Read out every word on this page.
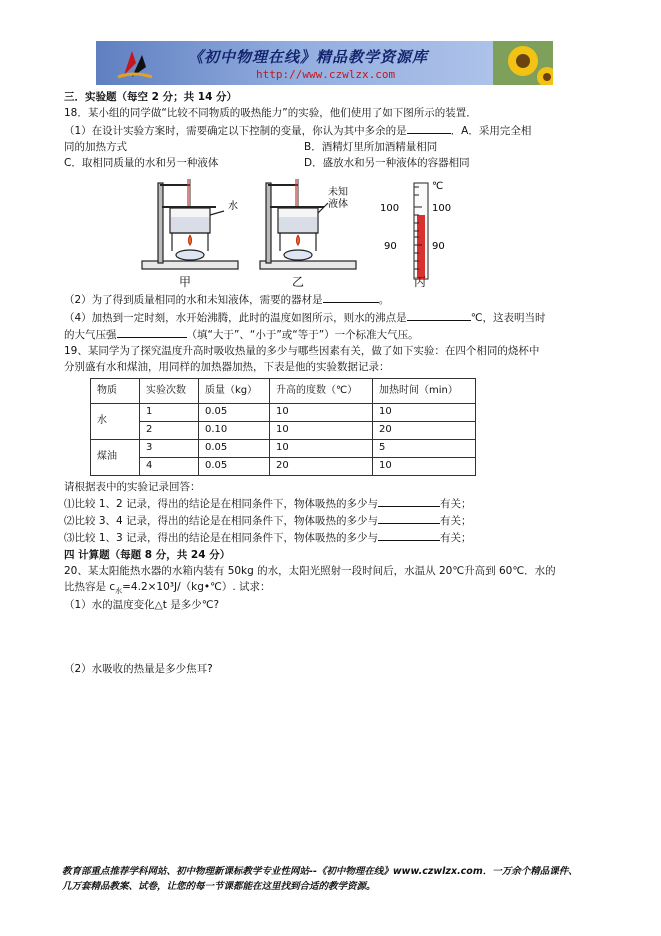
《初中物理在线》精品教学资源库
http://www.czwlzx.com
三．实验题（每空 2 分；共 14 分）
18．某小组的同学做“比较不同物质的吸热能力”的实验，他们使用了如下图所示的装置．
（1）在设计实验方案时，需要确定以下控制的变量，你认为其中多余的是	．A．采用完全相
同的加热方式	B．酒精灯里所加酒精量相同
C．取相同质量的水和另一种液体	D．盛放水和另一种液体的容器相同
水
未知
液体
℃
100	100
90	90
甲	乙	丙
（2）为了得到质量相同的水和未知液体，需要的器材是	。
（4）加热到一定时刻，水开始沸腾，此时的温度如图所示，则水的沸点是	℃，这表明当时
的大气压强	（填“大于”、“小于”或“等于”）一个标准大气压。
19、某同学为了探究温度升高时吸收热量的多少与哪些因素有关，做了如下实验：在四个相同的烧杯中
分别盛有水和煤油，用同样的加热器加热，下表是他的实验数据记录：
物质	实验次数	质量（kg）	升高的度数（℃）	加热时间（min）
水	1	0.05	10	10
	2	0.10	10	20
煤油	3	0.05	10	5
	4	0.05	20	10
请根据表中的实验记录回答：
⑴比较 1、2 记录，得出的结论是在相同条件下，物体吸热的多少与	有关；
⑵比较 3、4 记录，得出的结论是在相同条件下，物体吸热的多少与	有关；
⑶比较 1、3 记录，得出的结论是在相同条件下，物体吸热的多少与	有关；
四 计算题（每题 8 分，共 24 分）
20、某太阳能热水器的水箱内装有 50kg 的水，太阳光照射一段时间后，水温从 20℃升高到 60℃．水的
比热容是 $c_水=4.2\times 10^3J/(kg•℃)$. 试求：
（1）水的温度变化△t 是多少℃?
（2）水吸收的热量是多少焦耳?
教育部重点推荐学科网站、初中物理新课标教学专业性网站--《初中物理在线》www.czwlzx.com．一万余个精品课件、
几万套精品教案、试卷，让您的每一节课都能在这里找到合适的教学资源。
